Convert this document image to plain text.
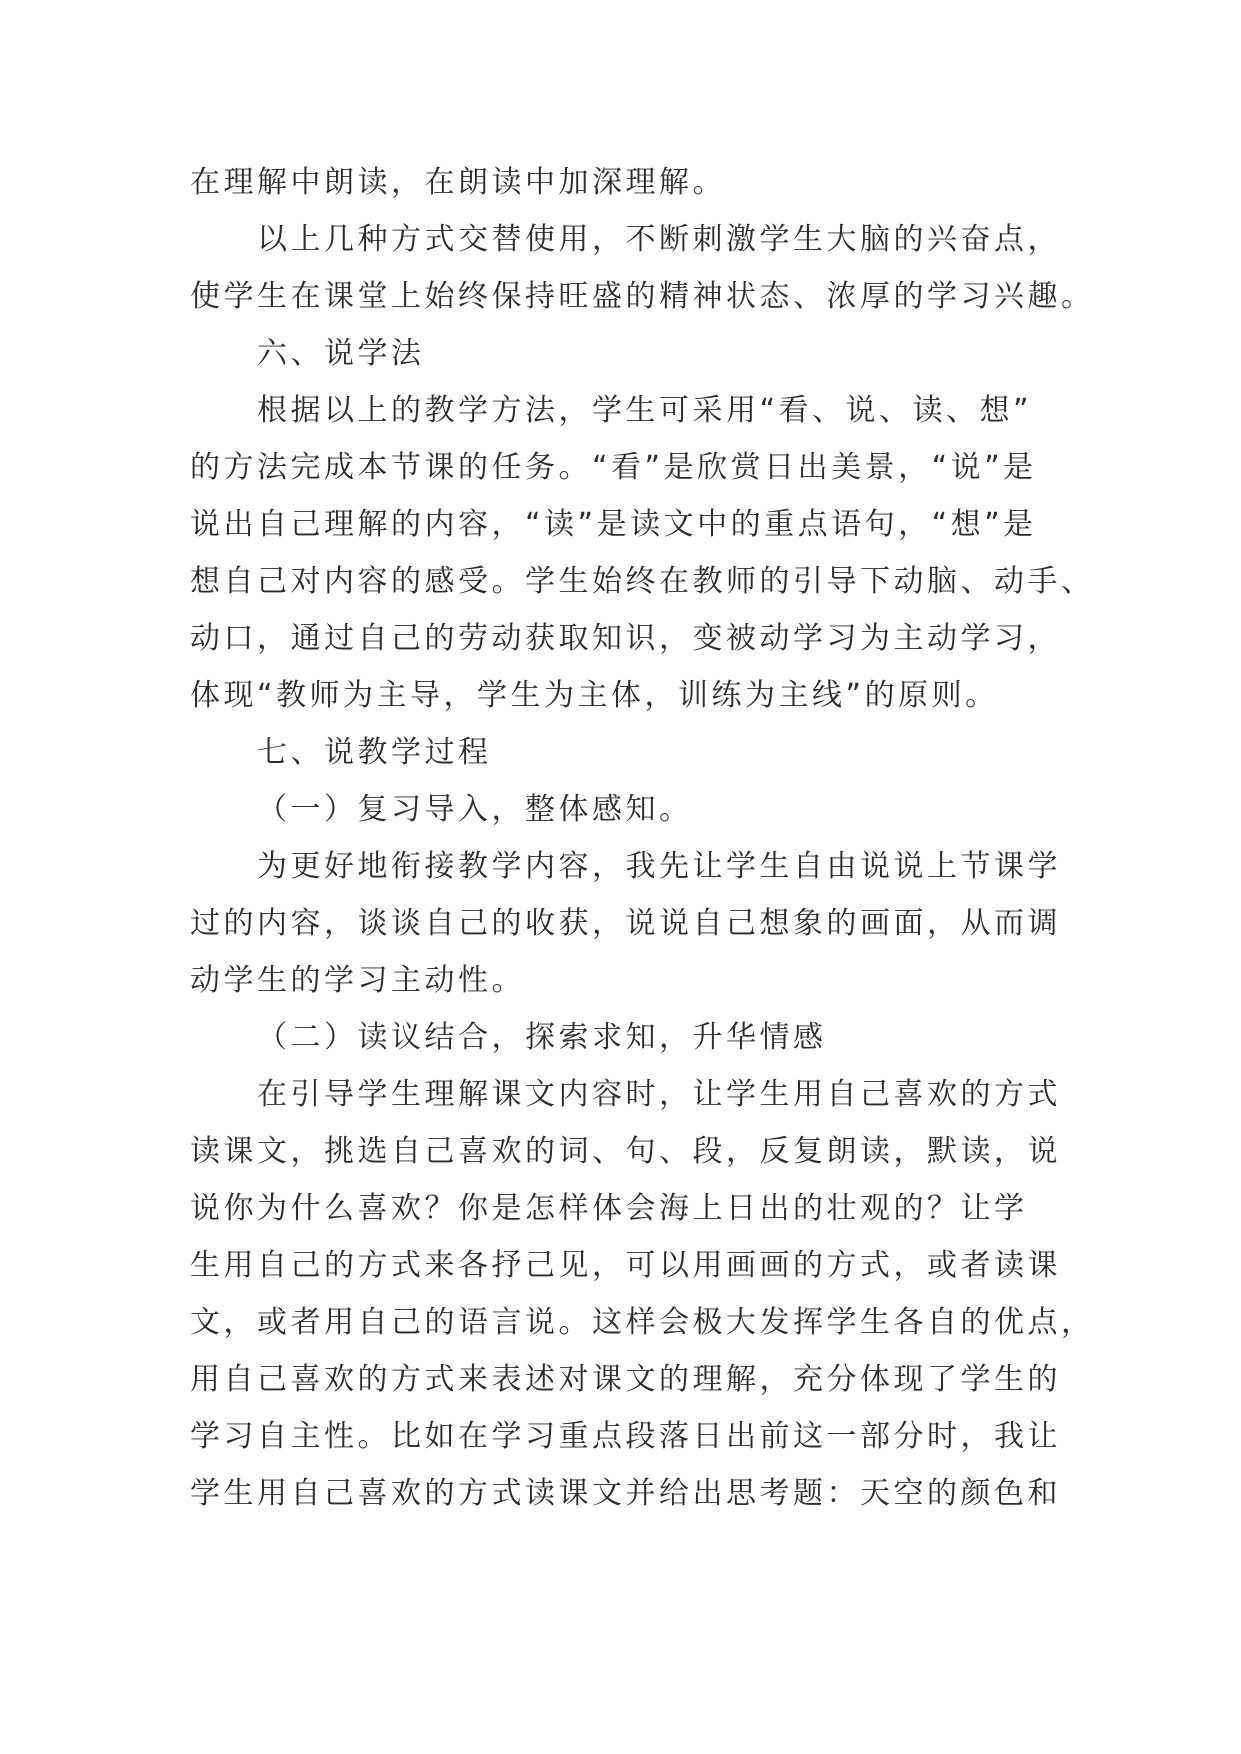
在理解中朗读，在朗读中加深理解。
以上几种方式交替使用，不断刺激学生大脑的兴奋点，
使学生在课堂上始终保持旺盛的精神状态、浓厚的学习兴趣。
六、说学法
根据以上的教学方法，学生可采用“看、说、读、想”
的方法完成本节课的任务。“看”是欣赏日出美景，“说”是
说出自己理解的内容，“读”是读文中的重点语句，“想”是
想自己对内容的感受。学生始终在教师的引导下动脑、动手、
动口，通过自己的劳动获取知识，变被动学习为主动学习，
体现“教师为主导，学生为主体，训练为主线”的原则。
七、说教学过程
（一）复习导入，整体感知。
为更好地衔接教学内容，我先让学生自由说说上节课学
过的内容，谈谈自己的收获，说说自己想象的画面，从而调
动学生的学习主动性。
（二）读议结合，探索求知，升华情感
在引导学生理解课文内容时，让学生用自己喜欢的方式
读课文，挑选自己喜欢的词、句、段，反复朗读，默读，说
说你为什么喜欢？你是怎样体会海上日出的壮观的？让学
生用自己的方式来各抒己见，可以用画画的方式，或者读课
文，或者用自己的语言说。这样会极大发挥学生各自的优点，
用自己喜欢的方式来表述对课文的理解，充分体现了学生的
学习自主性。比如在学习重点段落日出前这一部分时，我让
学生用自己喜欢的方式读课文并给出思考题：天空的颜色和
